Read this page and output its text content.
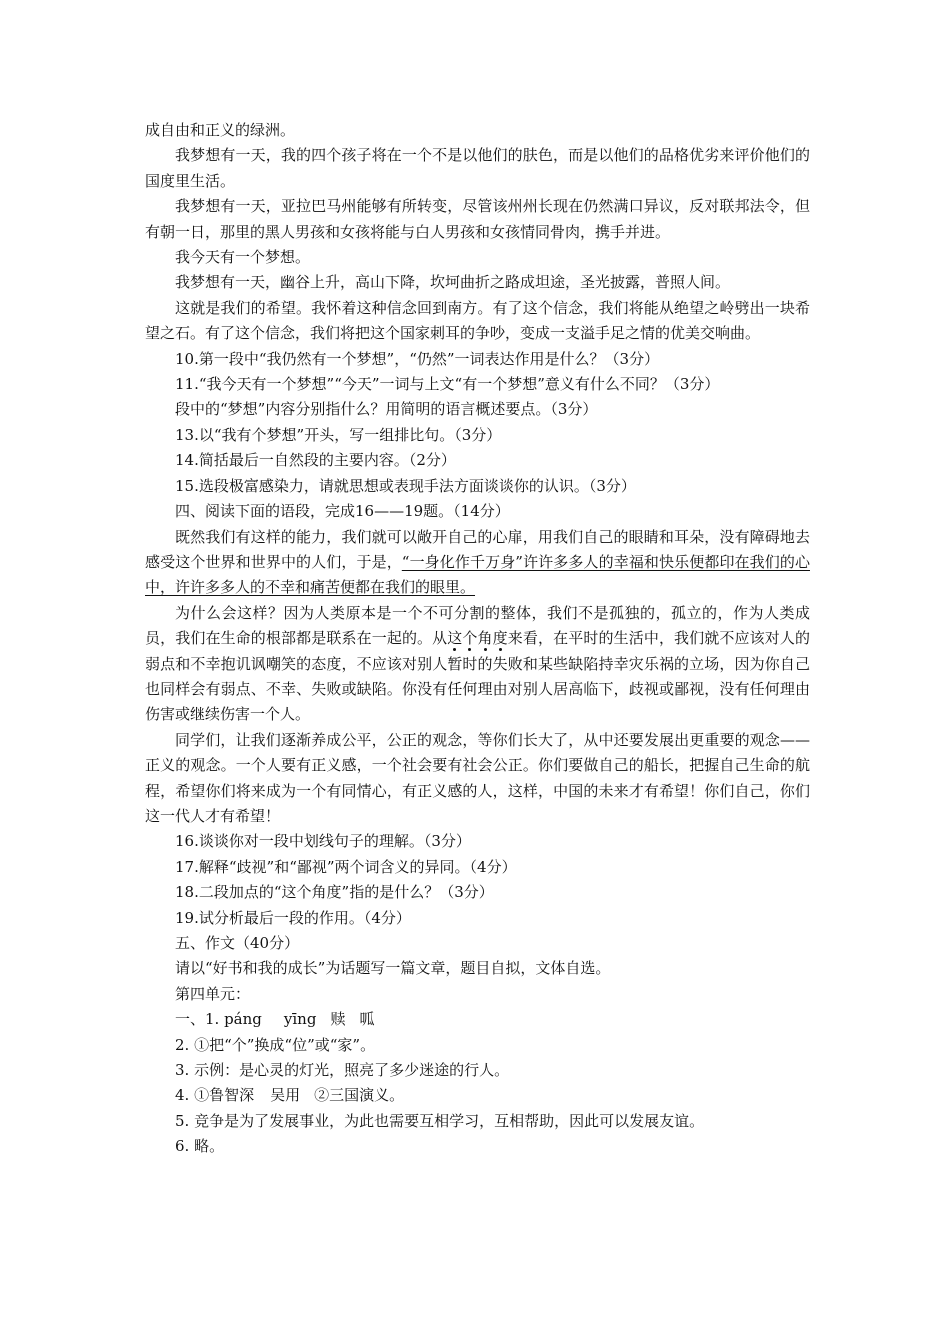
成自由和正义的绿洲。

我梦想有一天，我的四个孩子将在一个不是以他们的肤色，而是以他们的品格优劣来评价他们的国度里生活。

我梦想有一天，亚拉巴马州能够有所转变，尽管该州州长现在仍然满口异议，反对联邦法令，但有朝一日，那里的黑人男孩和女孩将能与白人男孩和女孩情同骨肉，携手并进。

我今天有一个梦想。

我梦想有一天，幽谷上升，高山下降，坎坷曲折之路成坦途，圣光披露，普照人间。

这就是我们的希望。我怀着这种信念回到南方。有了这个信念，我们将能从绝望之岭劈出一块希望之石。有了这个信念，我们将把这个国家刺耳的争吵，变成一支溢手足之情的优美交响曲。

10.第一段中“我仍然有一个梦想”，“仍然”一词表达作用是什么？（3分）

11.“我今天有一个梦想”“今天”一词与上文“有一个梦想”意义有什么不同？（3分）

段中的“梦想”内容分别指什么？用简明的语言概述要点。（3分）

13.以“我有个梦想”开头，写一组排比句。（3分）

14.简括最后一自然段的主要内容。（2分）

15.选段极富感染力，请就思想或表现手法方面谈谈你的认识。（3分）

四、阅读下面的语段，完成16——19题。（14分）

既然我们有这样的能力，我们就可以敞开自己的心扉，用我们自己的眼睛和耳朵，没有障碍地去感受这个世界和世界中的人们，于是，“一身化作千万身”许许多多人的幸福和快乐便都印在我们的心中，许许多多人的不幸和痛苦便都在我们的眼里。

为什么会这样？因为人类原本是一个不可分割的整体，我们不是孤独的，孤立的，作为人类成员，我们在生命的根部都是联系在一起的。从这个角度来看，在平时的生活中，我们就不应该对人的弱点和不幸抱讥讽嘲笑的态度，不应该对别人暂时的失败和某些缺陷持幸灾乐祸的立场，因为你自己也同样会有弱点、不幸、失败或缺陷。你没有任何理由对别人居高临下，歧视或鄙视，没有任何理由伤害或继续伤害一个人。

同学们，让我们逐渐养成公平，公正的观念，等你们长大了，从中还要发展出更重要的观念——正义的观念。一个人要有正义感，一个社会要有社会公正。你们要做自己的船长，把握自己生命的航程，希望你们将来成为一个有同情心，有正义感的人，这样，中国的未来才有希望！你们自己，你们这一代人才有希望！

16.谈谈你对一段中划线句子的理解。（3分）

17.解释“歧视”和“鄙视”两个词含义的异同。（4分）

18.二段加点的“这个角度”指的是什么？（3分）

19.试分析最后一段的作用。（4分）

五、作文（40分）

请以“好书和我的成长”为话题写一篇文章，题目自拟，文体自选。

第四单元：

一、1. páng yīng 赎 呱

2. ①把“个”换成“位”或“家”。

3. 示例：是心灵的灯光，照亮了多少迷途的行人。

4. ①鲁智深 吴用 ②三国演义。

5. 竞争是为了发展事业，为此也需要互相学习，互相帮助，因此可以发展友谊。

6. 略。
